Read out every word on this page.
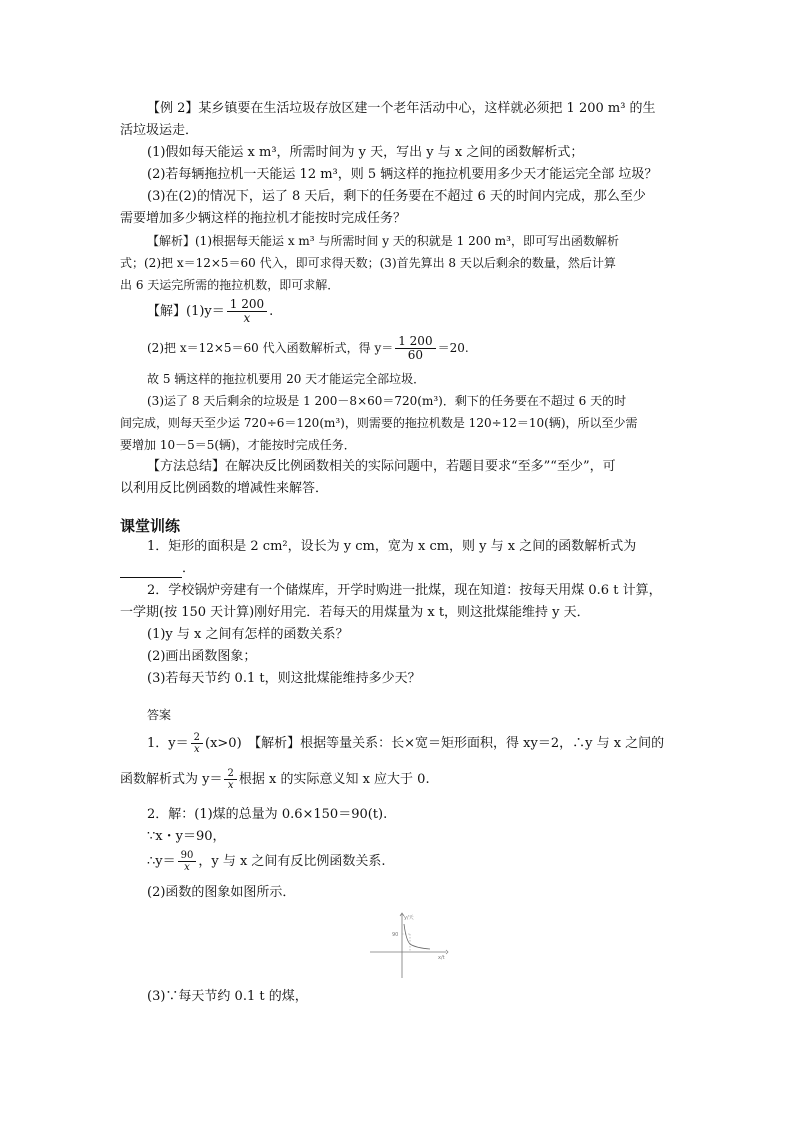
【例 2】某乡镇要在生活垃圾存放区建一个老年活动中心，这样就必须把 1 200 m³ 的生
活垃圾运走．
(1)假如每天能运 x m³，所需时间为 y 天，写出 y 与 x 之间的函数解析式；
(2)若每辆拖拉机一天能运 12 m³，则 5 辆这样的拖拉机要用多少天才能运完全部 垃圾？
(3)在(2)的情况下，运了 8 天后，剩下的任务要在不超过 6 天的时间内完成，那么至少
需要增加多少辆这样的拖拉机才能按时完成任务？
【解析】(1)根据每天能运 x m³ 与所需时间 y 天的积就是 1 200 m³，即可写出函数解析
式；(2)把 x＝12×5＝60 代入，即可求得天数；(3)首先算出 8 天以后剩余的数量，然后计算
出 6 天运完所需的拖拉机数，即可求解．
【解】$(1)y= \frac{1 200}{x}$ .
(2)把 x＝12×5＝60 代入函数解析式，得 $y= \frac{1 200}{60} =20$.
故 5 辆这样的拖拉机要用 20 天才能运完全部垃圾．
(3)运了 8 天后剩余的垃圾是 1 200－8×60＝720(m³)．剩下的任务要在不超过 6 天的时
间完成，则每天至少运 720÷6＝120(m³)，则需要的拖拉机数是 120÷12＝10(辆)，所以至少需
要增加 10－5＝5(辆)，才能按时完成任务．
【方法总结】在解决反比例函数相关的实际问题中，若题目要求“至多”“至少”，可
以利用反比例函数的增减性来解答．
课堂训练
1．矩形的面积是 2 cm²，设长为 y cm，宽为 x cm，则 y 与 x 之间的函数解析式为
．
2．学校锅炉旁建有一个储煤库，开学时购进一批煤，现在知道：按每天用煤 0.6 t 计算，
一学期(按 150 天计算)刚好用完．若每天的用煤量为 x t，则这批煤能维持 y 天．
(1)y 与 x 之间有怎样的函数关系？
(2)画出函数图象；
(3)若每天节约 0.1 t，则这批煤能维持多少天？
答案
1．$y= \frac{2}{x} (x>0)$　【解析】根据等量关系：长×宽＝矩形面积，得 xy＝2，∴y 与 x 之间的
函数解析式为 $y= \frac{2}{x}$ 根据 x 的实际意义知 x 应大于 0.
2．解：(1)煤的总量为 0.6×150＝90(t).
∵x・y＝90，
∴y＝ $\frac{90}{x}$ ，y 与 x 之间有反比例函数关系.
(2)函数的图象如图所示．
y/天
x/t
90
(3)∵每天节约 0.1 t 的煤，
